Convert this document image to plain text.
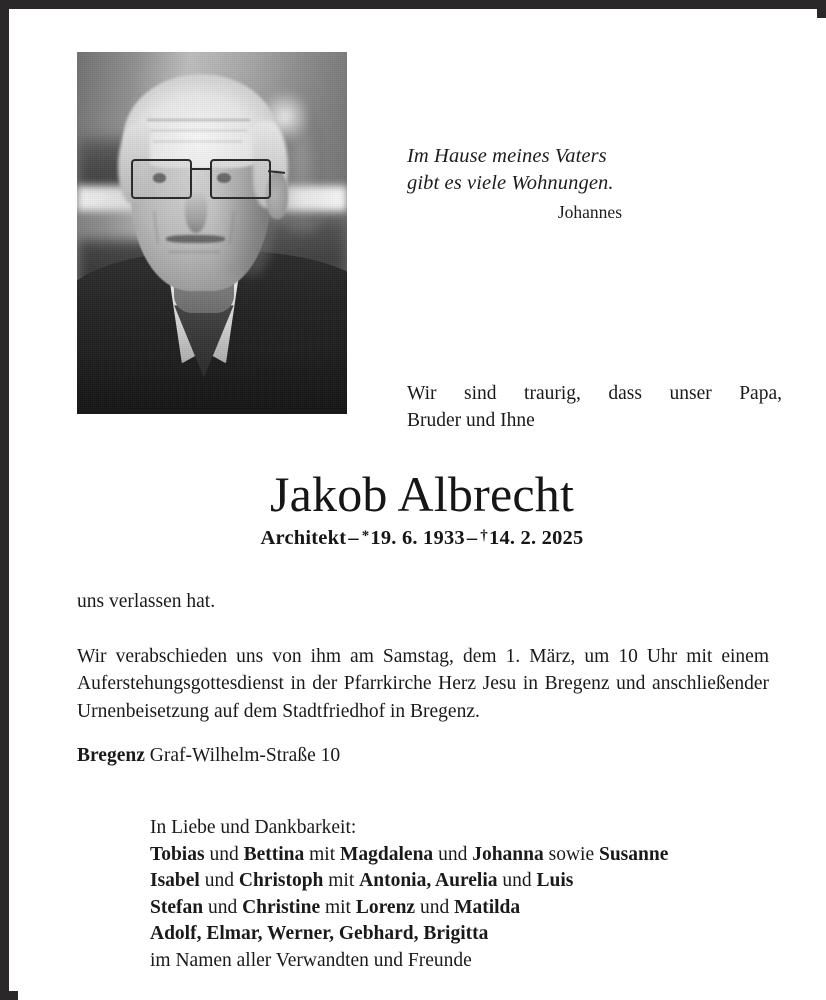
Im Hause meines Vaters
gibt es viele Wohnungen.
Johannes
Wir sind traurig, dass unser Papa,
Bruder und Ihne
Jakob Albrecht
Architekt– *19. 6. 1933– †14. 2. 2025
uns verlassen hat.
Wir verabschieden uns von ihm am Samstag, dem 1. März, um 10 Uhr mit einem Auferstehungsgottesdienst in der Pfarrkirche Herz Jesu in Bregenz und anschließender Urnenbeisetzung auf dem Stadtfriedhof in Bregenz.
Bregenz Graf-Wilhelm-Straße 10
In Liebe und Dankbarkeit:
Tobias und Bettina mit Magdalena und Johanna sowie Susanne
Isabel und Christoph mit Antonia, Aurelia und Luis
Stefan und Christine mit Lorenz und Matilda
Adolf, Elmar, Werner, Gebhard, Brigitta
im Namen aller Verwandten und Freunde
